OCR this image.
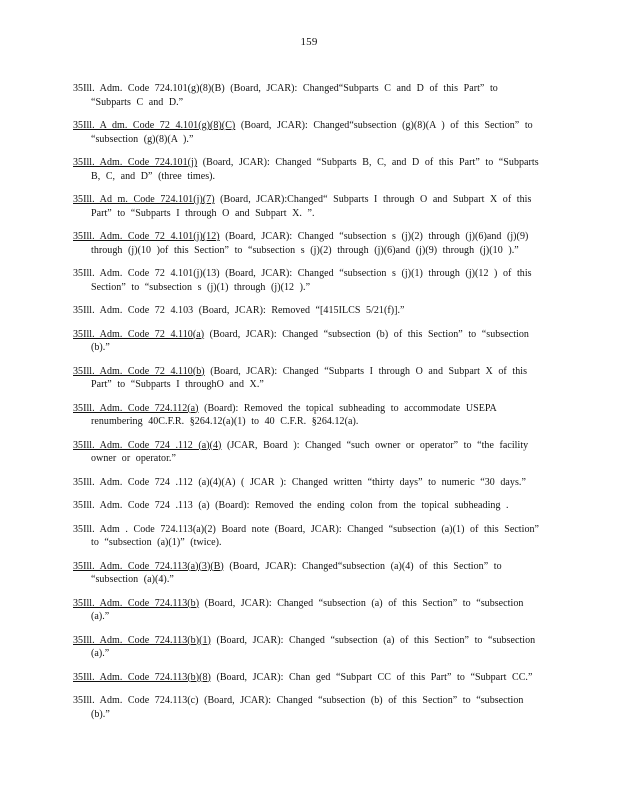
159

35Ill. Adm. Code 724.101(g)(8)(B) (Board, JCAR): Changed“Subparts C and D of this Part” to “Subparts C and D.”

35Ill. A dm. Code 72 4.101(g)(8)(C) (Board, JCAR): Changed“subsection (g)(8)(A ) of this Section” to “subsection (g)(8)(A ).”

35Ill. Adm. Code 724.101(j) (Board, JCAR): Changed “Subparts B, C, and D of this Part” to “Subparts B, C, and D” (three times).

35Ill. Ad m. Code 724.101(j)(7) (Board, JCAR):Changed“ Subparts I through O and Subpart X of this Part” to “Subparts I through O and Subpart X. ”.

35Ill. Adm. Code 72 4.101(j)(12) (Board, JCAR): Changed “subsection s (j)(2) through (j)(6)and (j)(9) through (j)(10 )of this Section” to “subsection s (j)(2) through (j)(6)and (j)(9) through (j)(10 ).”

35Ill. Adm. Code 72 4.101(j)(13) (Board, JCAR): Changed “subsection s (j)(1) through (j)(12 ) of this Section” to “subsection s (j)(1) through (j)(12 ).”

35Ill. Adm. Code 72 4.103 (Board, JCAR): Removed “[415ILCS 5/21(f)].”

35Ill. Adm. Code 72 4.110(a) (Board, JCAR): Changed “subsection (b) of this Section” to “subsection (b).”

35Ill. Adm. Code 72 4.110(b) (Board, JCAR): Changed “Subparts I through O and Subpart X of this Part” to “Subparts I throughO and X.”

35Ill. Adm. Code 724.112(a) (Board): Removed the topical subheading to accommodate USEPA renumbering 40C.F.R. §264.12(a)(1) to 40 C.F.R. §264.12(a).

35Ill. Adm. Code 724 .112 (a)(4) (JCAR, Board ): Changed “such owner or operator” to “the facility owner or operator.”

35Ill. Adm. Code 724 .112 (a)(4)(A) ( JCAR ): Changed written “thirty days” to numeric “30 days.”

35Ill. Adm. Code 724 .113 (a) (Board): Removed the ending colon from the topical subheading .

35Ill. Adm . Code 724.113(a)(2) Board note (Board, JCAR): Changed “subsection (a)(1) of this Section” to “subsection (a)(1)” (twice).

35Ill. Adm. Code 724.113(a)(3)(B) (Board, JCAR): Changed“subsection (a)(4) of this Section” to “subsection (a)(4).”

35Ill. Adm. Code 724.113(b) (Board, JCAR): Changed “subsection (a) of this Section” to “subsection (a).”

35Ill. Adm. Code 724.113(b)(1) (Board, JCAR): Changed “subsection (a) of this Section” to “subsection (a).”

35Ill. Adm. Code 724.113(b)(8) (Board, JCAR): Chan ged “Subpart CC of this Part” to “Subpart CC.”

35Ill. Adm. Code 724.113(c) (Board, JCAR): Changed “subsection (b) of this Section” to “subsection (b).”
